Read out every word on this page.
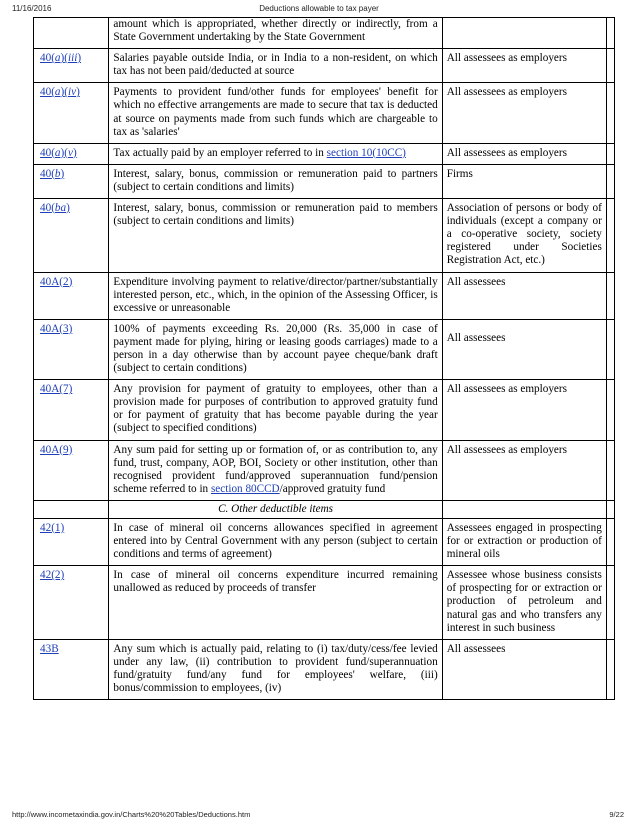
11/16/2016	Deductions allowable to tax payer
	amount which is appropriated, whether directly or indirectly, from a State Government undertaking by the State Government		
40(a)(iii)	Salaries payable outside India, or in India to a non-resident, on which tax has not been paid/deducted at source	All assessees as employers	
40(a)(iv)	Payments to provident fund/other funds for employees' benefit for which no effective arrangements are made to secure that tax is deducted at source on payments made from such funds which are chargeable to tax as 'salaries'	All assessees as employers	
40(a)(v)	Tax actually paid by an employer referred to in section 10(10CC)	All assessees as employers	
40(b)	Interest, salary, bonus, commission or remuneration paid to partners (subject to certain conditions and limits)	Firms	
40(ba)	Interest, salary, bonus, commission or remuneration paid to members (subject to certain conditions and limits)	Association of persons or body of individuals (except a company or a co-operative society, society registered under Societies Registration Act, etc.)	
40A(2)	Expenditure involving payment to relative/director/partner/substantially interested person, etc., which, in the opinion of the Assessing Officer, is excessive or unreasonable	All assessees	
40A(3)	100% of payments exceeding Rs. 20,000 (Rs. 35,000 in case of payment made for plying, hiring or leasing goods carriages) made to a person in a day otherwise than by account payee cheque/bank draft (subject to certain conditions)	All assessees	
40A(7)	Any provision for payment of gratuity to employees, other than a provision made for purposes of contribution to approved gratuity fund or for payment of gratuity that has become payable during the year (subject to specified conditions)	All assessees as employers	
40A(9)	Any sum paid for setting up or formation of, or as contribution to, any fund, trust, company, AOP, BOI, Society or other institution, other than recognised provident fund/approved superannuation fund/pension scheme referred to in section 80CCD/approved gratuity fund	All assessees as employers	
	C. Other deductible items		
42(1)	In case of mineral oil concerns allowances specified in agreement entered into by Central Government with any person (subject to certain conditions and terms of agreement)	Assessees engaged in prospecting for or extraction or production of mineral oils	
42(2)	In case of mineral oil concerns expenditure incurred remaining unallowed as reduced by proceeds of transfer	Assessee whose business consists of prospecting for or extraction or production of petroleum and natural gas and who transfers any interest in such business	
43B	Any sum which is actually paid, relating to (i) tax/duty/cess/fee levied under any law, (ii) contribution to provident fund/superannuation fund/gratuity fund/any fund for employees' welfare, (iii) bonus/commission to employees, (iv)	All assessees	
http://www.incometaxindia.gov.in/Charts%20%20Tables/Deductions.htm	9/22
